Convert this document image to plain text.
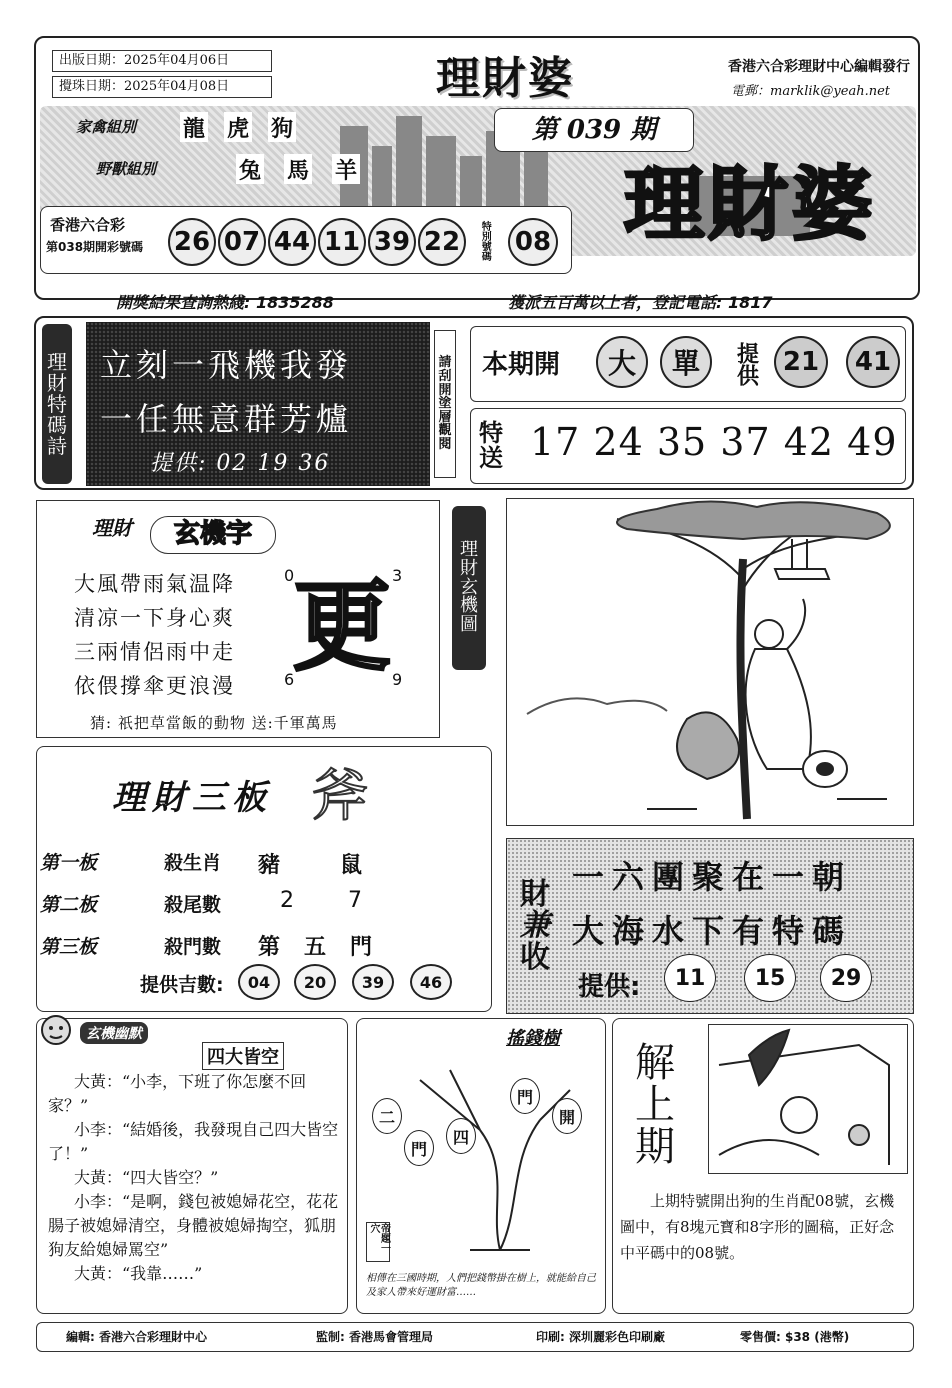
出版日期：2025年04月06日
攪珠日期：2025年04月08日	理財婆	香港六合彩理財中心編輯發行
電郵：marklik@yeah.net
家禽組別 龍 虎 狗
野獸組別	兔 馬 羊
第 039 期
理財婆
香港六合彩
第038期開彩號碼 26 07 44 11 39 22	特別號碼 08
開獎結果查詢熱綫: 1835288	獲派五百萬以上者，登記電話: 1817
理
財
特
碼
詩
立刻一飛機我發
一任無意群芳爐
提供: 02 19 36
請
刮
開
塗
層
觀
閱
本期開	大	單	提供 21	41
特
送 17 24 35 37 42 49
理財	玄機字
大風帶雨氣温降
清凉一下身心爽
三兩情侶雨中走
依偎撐傘更浪漫
0	3
6	9
更
猜: 祇把草當飯的動物 送:千軍萬馬
理
財
玄
機
圖
理財三板 斧
第一板	殺生肖 豬	鼠
第二板	殺尾數	2 7
第三板	殺門數 第 五 門
提供吉數:	04	20	39	46
財
兼
收
一六團聚在一朝
大海水下有特碼
提供:	11	15	29
玄機幽默
四大皆空

大黃：“小李，下班了你怎麼不回家？”

小李：“結婚後，我發現自己四大皆空了！”

大黃：“四大皆空？”

小李：“是啊，錢包被媳婦花空，花花腸子被媳婦清空，身體被媳婦掏空，狐朋狗友給媳婦罵空”

大黃：“我靠……”

搖錢樹
二
門
四
門
開
帝題一穴
相傳在三國時期，人們把錢幣掛在樹上，就能給自己及家人帶來好運財富……
解
上
期
上期特號開出狗的生肖配08號，玄機圖中，有8塊元寶和8字形的圖稿，正好念中平碼中的08號。
編輯: 香港六合彩理財中心	監制: 香港馬會管理局	印刷: 深圳麗彩色印刷廠	零售價: $38 (港幣)
